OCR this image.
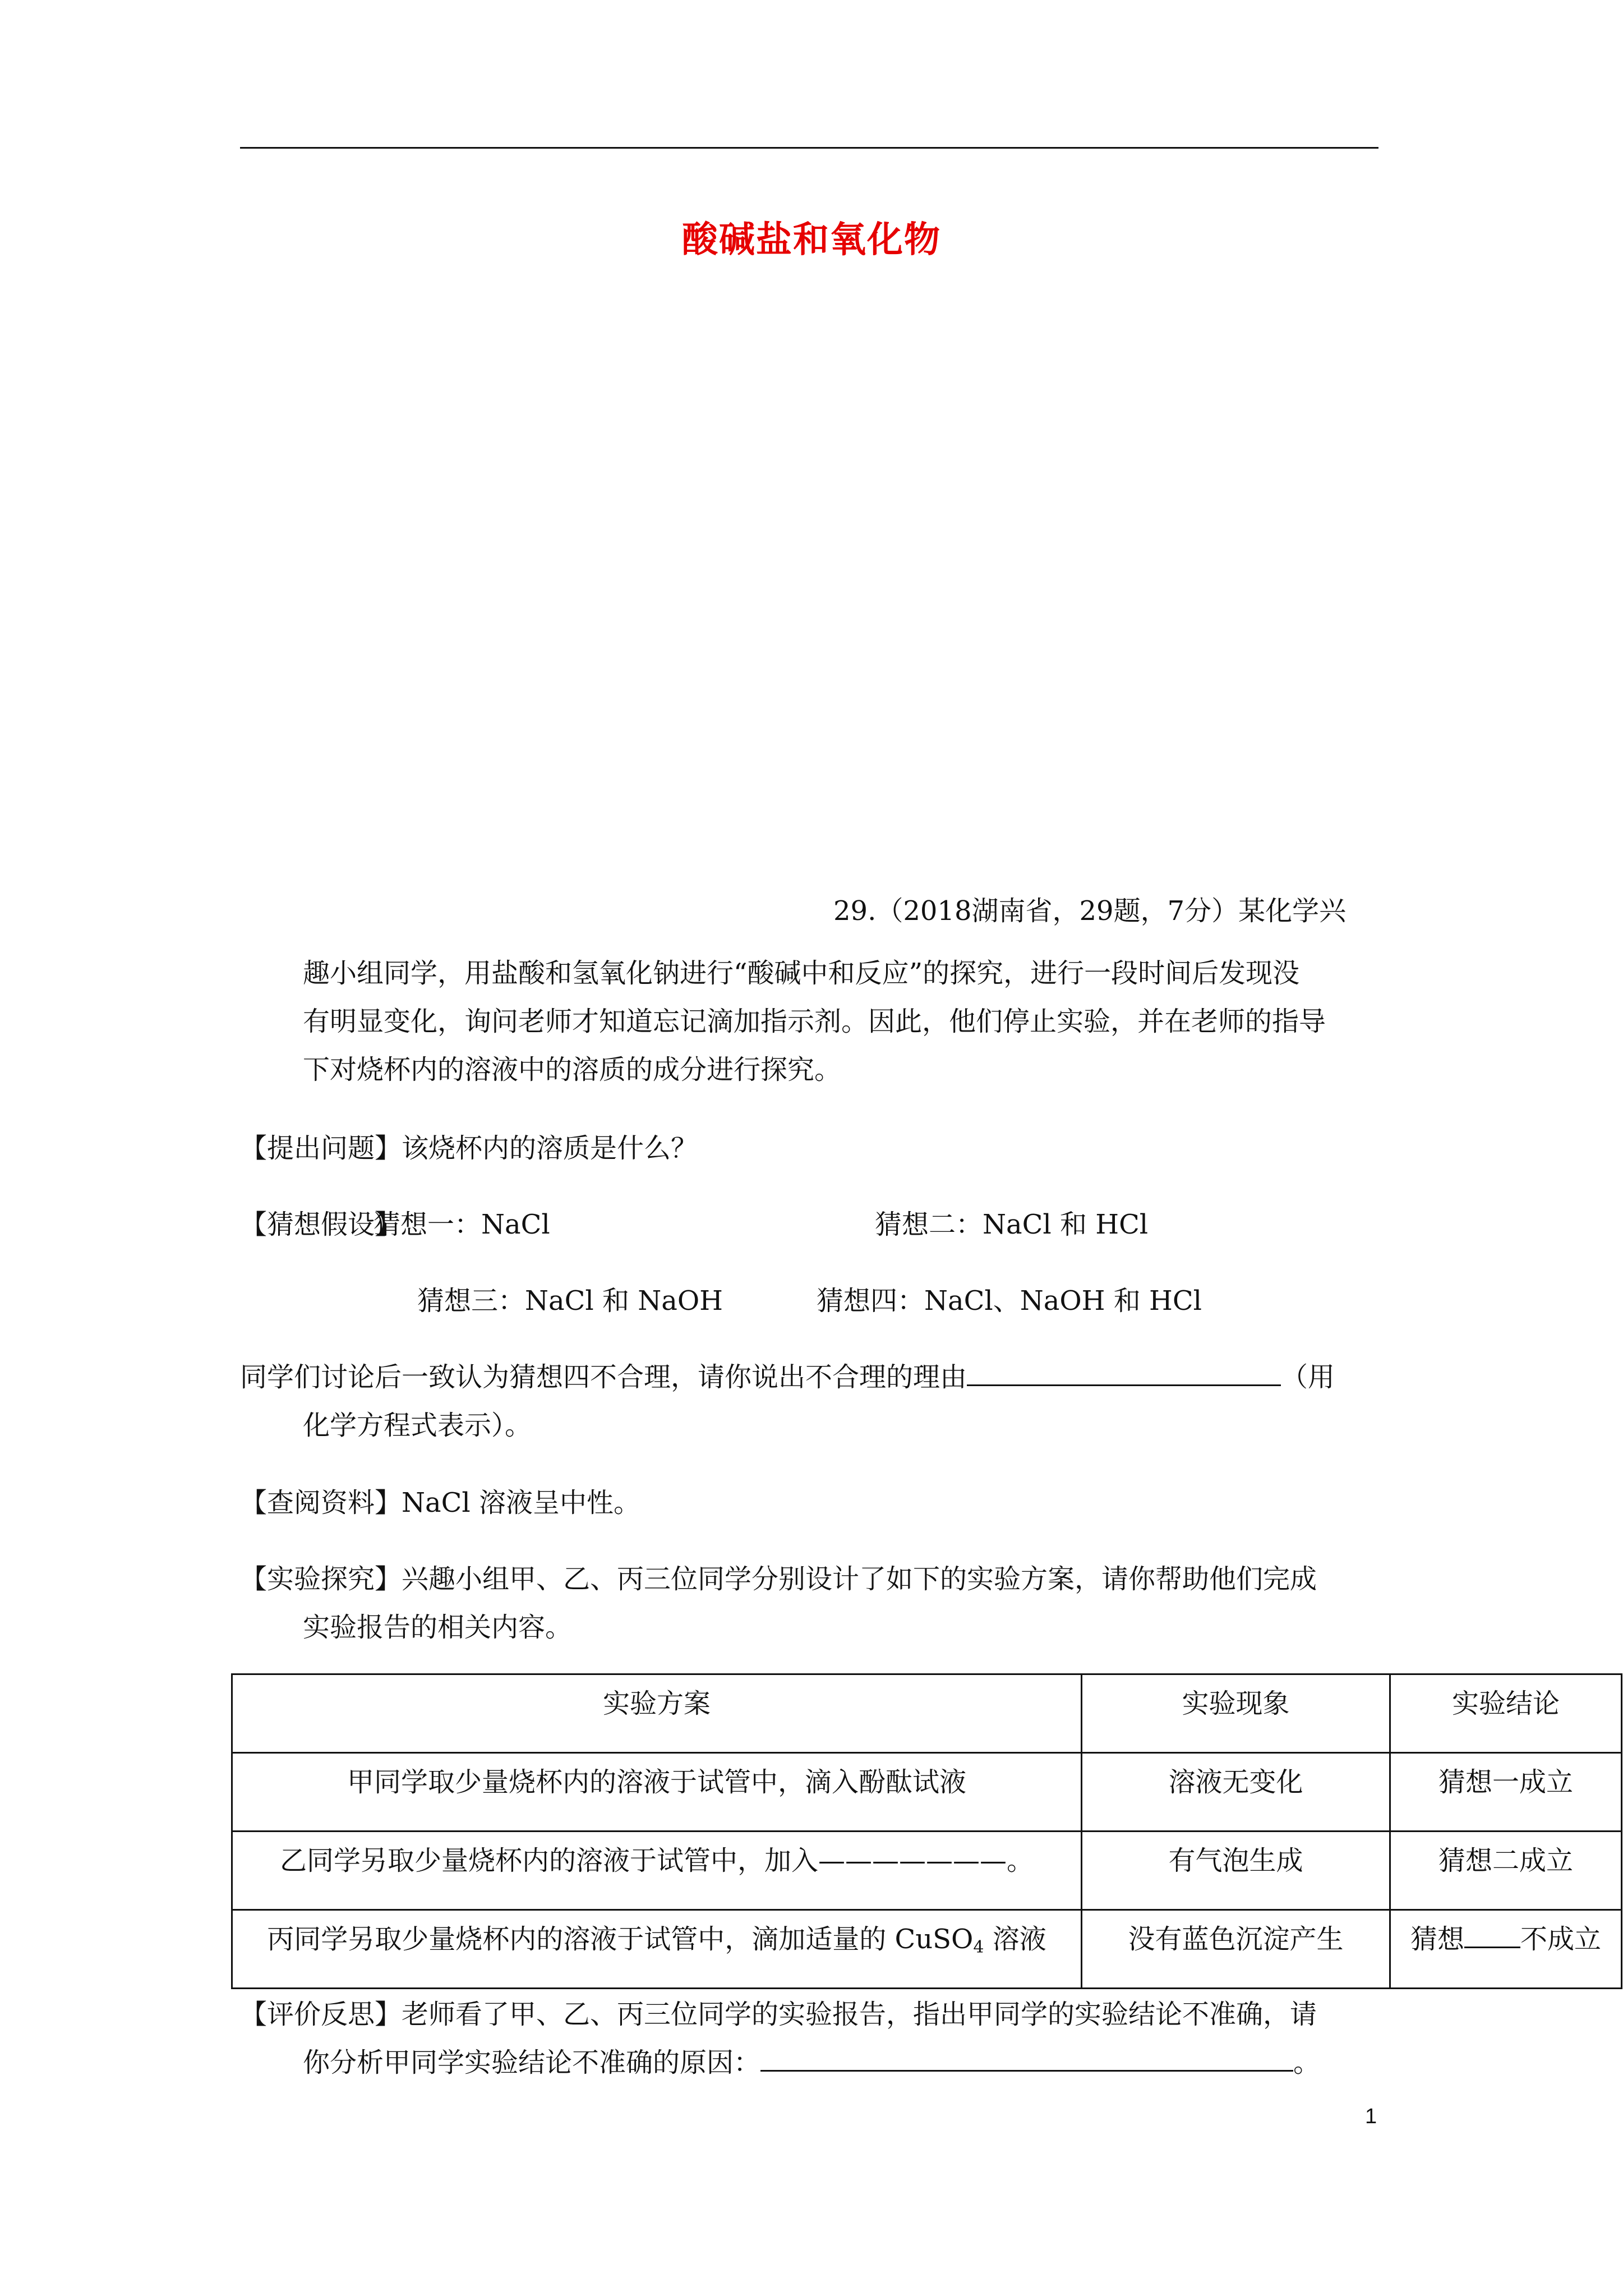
酸碱盐和氧化物
29.（2018湖南省，29题，7分）某化学兴
趣小组同学，用盐酸和氢氧化钠进行“酸碱中和反应”的探究，进行一段时间后发现没
有明显变化，询问老师才知道忘记滴加指示剂。因此，他们停止实验，并在老师的指导
下对烧杯内的溶液中的溶质的成分进行探究。
【提出问题】该烧杯内的溶质是什么？
【猜想假设】
猜想一：NaCl	猜想二：NaCl 和 HCl
猜想三：NaCl 和 NaOH	猜想四：NaCl、NaOH 和 HCl
同学们讨论后一致认为猜想四不合理，请你说出不合理的理由	（用
化学方程式表示）。
【查阅资料】NaCl 溶液呈中性。
【实验探究】兴趣小组甲、乙、丙三位同学分别设计了如下的实验方案，请你帮助他们完成
实验报告的相关内容。
实验方案	实验现象	实验结论
甲同学取少量烧杯内的溶液于试管中，滴入酚酞试液	溶液无变化	猜想一成立
乙同学另取少量烧杯内的溶液于试管中，加入———————。	有气泡生成	猜想二成立
丙同学另取少量烧杯内的溶液于试管中，滴加适量的 CuSO$_4$ 溶液	没有蓝色沉淀产生	猜想 不成立
【评价反思】老师看了甲、乙、丙三位同学的实验报告，指出甲同学的实验结论不准确，请
你分析甲同学实验结论不准确的原因：	。
1
